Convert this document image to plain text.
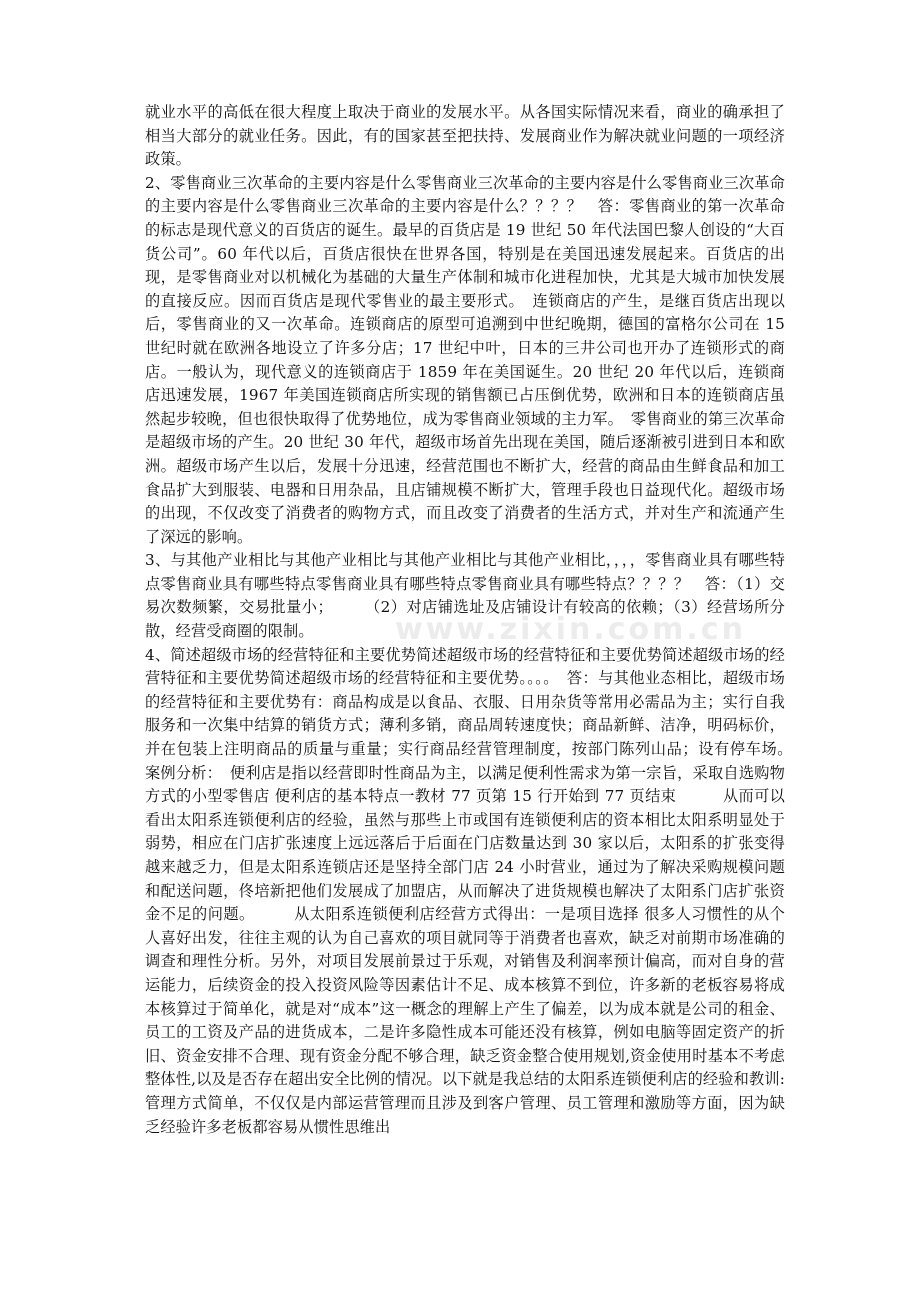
就业水平的高低在很大程度上取决于商业的发展水平。从各国实际情况来看，商业的确承担了相当大部分的就业任务。因此，有的国家甚至把扶持、发展商业作为解决就业问题的一项经济政策。

2、零售商业三次革命的主要内容是什么零售商业三次革命的主要内容是什么零售商业三次革命的主要内容是什么零售商业三次革命的主要内容是什么？？？？　答：零售商业的第一次革命的标志是现代意义的百货店的诞生。最早的百货店是 19 世纪 50 年代法国巴黎人创设的“大百货公司”。60 年代以后，百货店很快在世界各国，特别是在美国迅速发展起来。百货店的出现，是零售商业对以机械化为基础的大量生产体制和城市化进程加快，尤其是大城市加快发展的直接反应。因而百货店是现代零售业的最主要形式。　连锁商店的产生，是继百货店出现以后，零售商业的又一次革命。连锁商店的原型可追溯到中世纪晚期，德国的富格尔公司在 15 世纪时就在欧洲各地设立了许多分店；17 世纪中叶，日本的三井公司也开办了连锁形式的商店。一般认为，现代意义的连锁商店于 1859 年在美国诞生。20 世纪 20 年代以后，连锁商店迅速发展，1967 年美国连锁商店所实现的销售额已占压倒优势，欧洲和日本的连锁商店虽然起步较晚，但也很快取得了优势地位，成为零售商业领域的主力军。　零售商业的第三次革命是超级市场的产生。20 世纪 30 年代，超级市场首先出现在美国，随后逐渐被引进到日本和欧洲。超级市场产生以后，发展十分迅速，经营范围也不断扩大，经营的商品由生鲜食品和加工食品扩大到服装、电器和日用杂品，且店铺规模不断扩大，管理手段也日益现代化。超级市场的出现，不仅改变了消费者的购物方式，而且改变了消费者的生活方式，并对生产和流通产生了深远的影响。

3、与其他产业相比与其他产业相比与其他产业相比与其他产业相比，，，，零售商业具有哪些特点零售商业具有哪些特点零售商业具有哪些特点零售商业具有哪些特点？？？？　答：（1）交易次数频繁，交易批量小；　　　（2）对店铺选址及店铺设计有较高的依赖；（3）经营场所分散，经营受商圈的限制。

4、简述超级市场的经营特征和主要优势简述超级市场的经营特征和主要优势简述超级市场的经营特征和主要优势简述超级市场的经营特征和主要优势。。。。　答：与其他业态相比，超级市场的经营特征和主要优势有：商品构成是以食品、衣服、日用杂货等常用必需品为主；实行自我服务和一次集中结算的销货方式；薄利多销，商品周转速度快；商品新鲜、洁净，明码标价，并在包装上注明商品的质量与重量；实行商品经营管理制度，按部门陈列山品；设有停车场。　案例分析：　便利店是指以经营即时性商品为主，以满足便利性需求为第一宗旨，采取自选购物方式的小型零售店 便利店的基本特点一教材 77 页第 15 行开始到 77 页结束　　　从而可以看出太阳系连锁便利店的经验，虽然与那些上市或国有连锁便利店的资本相比太阳系明显处于弱势，相应在门店扩张速度上远远落后于后面在门店数量达到 30 家以后，太阳系的扩张变得越来越乏力，但是太阳系连锁店还是坚持全部门店 24 小时营业，通过为了解决采购规模问题和配送问题，佟培新把他们发展成了加盟店，从而解决了进货规模也解决了太阳系门店扩张资金不足的问题。　　　从太阳系连锁便利店经营方式得出：一是项目选择 很多人习惯性的从个人喜好出发，往往主观的认为自己喜欢的项目就同等于消费者也喜欢，缺乏对前期市场准确的调查和理性分析。另外，对项目发展前景过于乐观，对销售及利润率预计偏高，而对自身的营运能力，后续资金的投入投资风险等因素估计不足、成本核算不到位，许多新的老板容易将成本核算过于简单化，就是对“成本”这一概念的理解上产生了偏差，以为成本就是公司的租金、员工的工资及产品的进货成本，二是许多隐性成本可能还没有核算，例如电脑等固定资产的折旧、资金安排不合理、现有资金分配不够合理，缺乏资金整合使用规划,资金使用时基本不考虑整体性,以及是否存在超出安全比例的情况。以下就是我总结的太阳系连锁便利店的经验和教训: 管理方式简单，不仅仅是内部运营管理而且涉及到客户管理、员工管理和激励等方面，因为缺乏经验许多老板都容易从惯性思维出

www.zixin.com.cn
